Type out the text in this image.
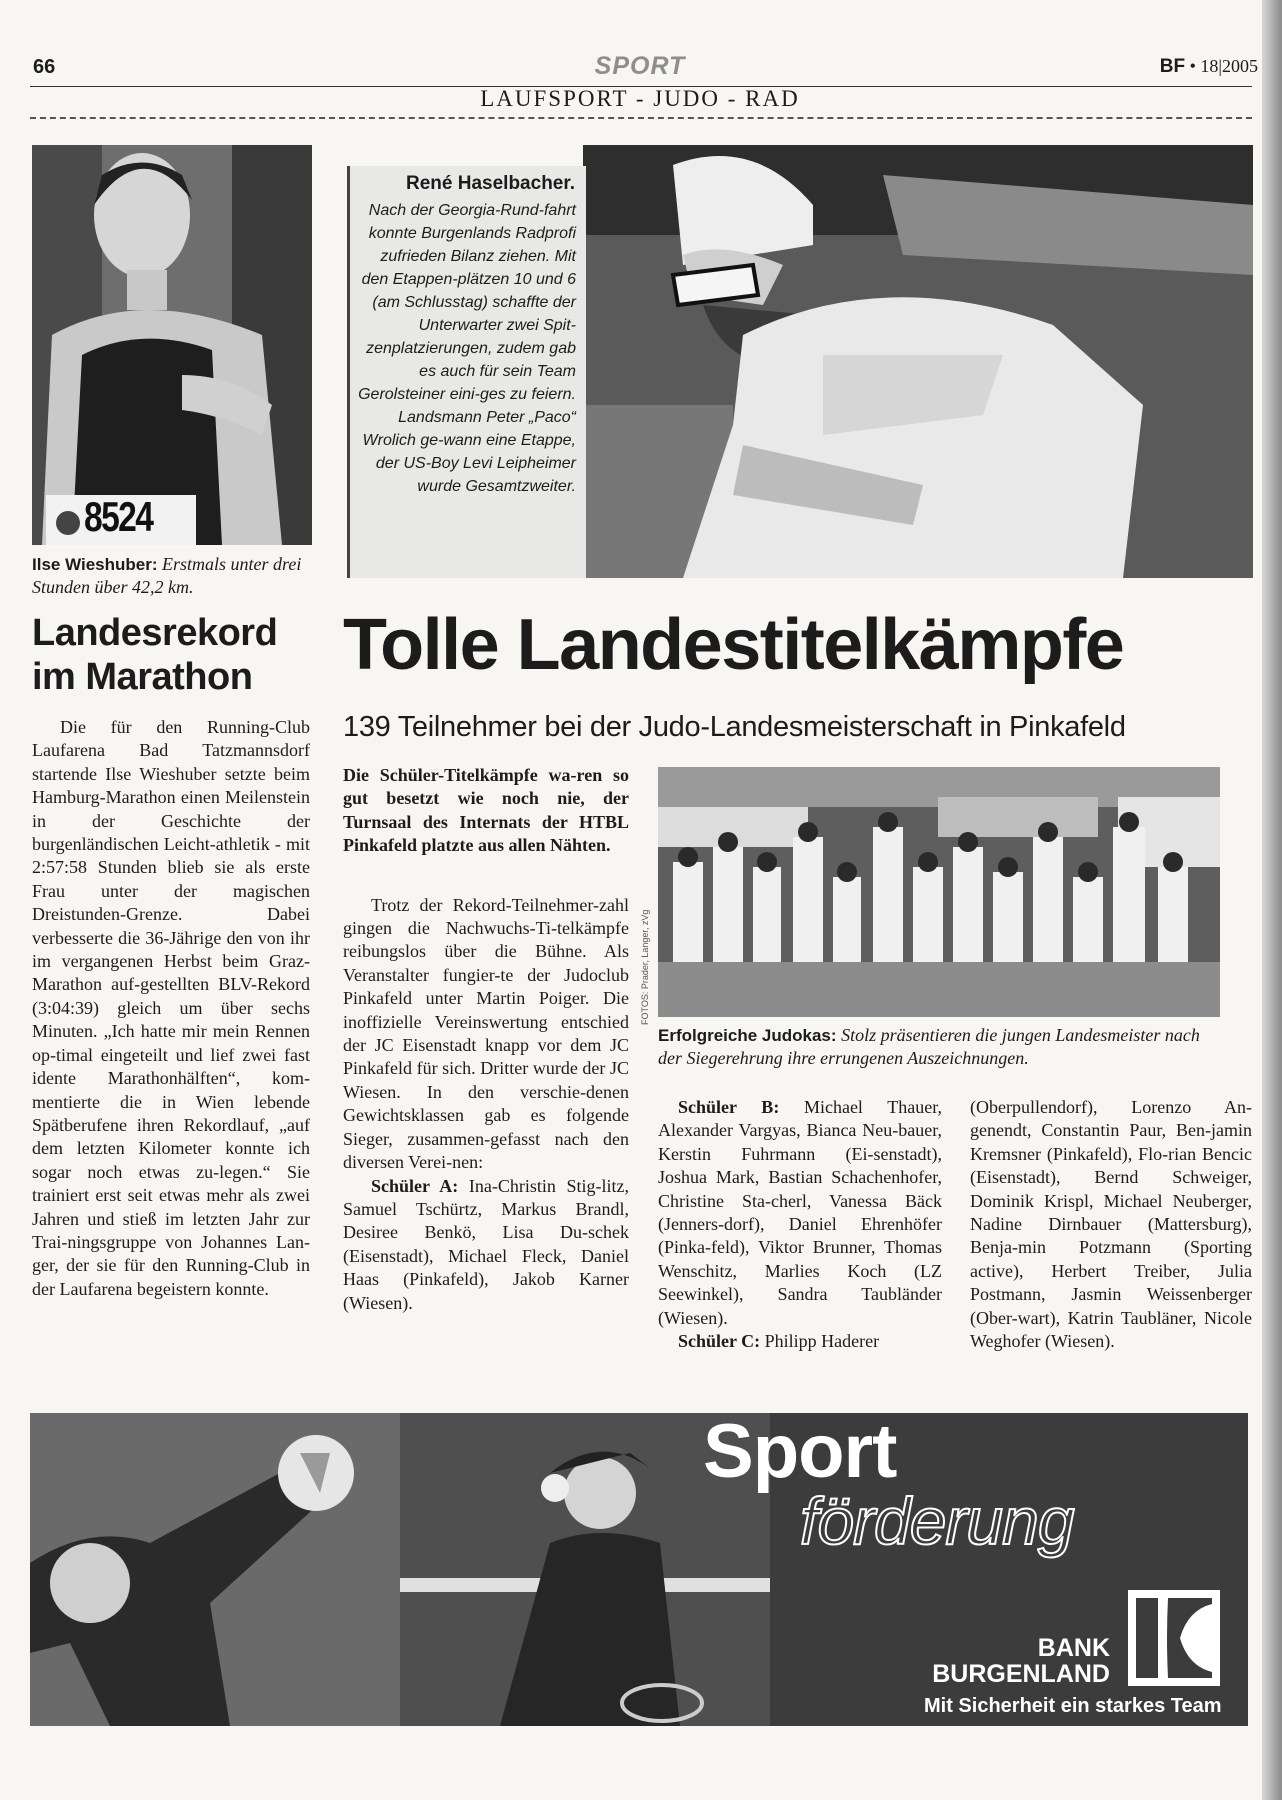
66	SPORT	BF • 18|2005
LAUFSPORT - JUDO - RAD
8524
Ilse Wieshuber: Erstmals unter drei Stunden über 42,2 km.
René Haselbacher.
Nach der Georgia-Rund-fahrt konnte Burgenlands Radprofi zufrieden Bilanz ziehen. Mit den Etappen-plätzen 10 und 6 (am Schlusstag) schaffte der Unterwarter zwei Spit-zenplatzierungen, zudem gab es auch für sein Team Gerolsteiner eini-ges zu feiern. Landsmann Peter „Paco“ Wrolich ge-wann eine Etappe, der US-Boy Levi Leipheimer wurde Gesamtzweiter.
Landesrekord im Marathon	Tolle Landestitelkämpfe
139 Teilnehmer bei der Judo-Landesmeisterschaft in Pinkafeld

Die für den Running-Club Laufarena Bad Tatzmannsdorf startende Ilse Wieshuber setzte beim Hamburg-Marathon einen Meilenstein in der Geschichte der burgenländischen Leicht-athletik - mit 2:57:58 Stunden blieb sie als erste Frau unter der magischen Dreistunden-Grenze. Dabei verbesserte die 36-Jährige den von ihr im vergangenen Herbst beim Graz-Marathon auf-gestellten BLV-Rekord (3:04:39) gleich um über sechs Minuten. „Ich hatte mir mein Rennen op-timal eingeteilt und lief zwei fast idente Marathonhälften“, kom-mentierte die in Wien lebende Spätberufene ihren Rekordlauf, „auf dem letzten Kilometer konnte ich sogar noch etwas zu-legen.“ Sie trainiert erst seit etwas mehr als zwei Jahren und stieß im letzten Jahr zur Trai-ningsgruppe von Johannes Lan-ger, der sie für den Running-Club in der Laufarena begeistern konnte.

Die Schüler-Titelkämpfe wa-ren so gut besetzt wie noch nie, der Turnsaal des Internats der HTBL Pinkafeld platzte aus allen Nähten.

Trotz der Rekord-Teilnehmer-zahl gingen die Nachwuchs-Ti-telkämpfe reibungslos über die Bühne. Als Veranstalter fungier-te der Judoclub Pinkafeld unter Martin Poiger. Die inoffizielle Vereinswertung entschied der JC Eisenstadt knapp vor dem JC Pinkafeld für sich. Dritter wurde der JC Wiesen. In den verschie-denen Gewichtsklassen gab es folgende Sieger, zusammen-gefasst nach den diversen Verei-nen:

Schüler A: Ina-Christin Stig-litz, Samuel Tschürtz, Markus Brandl, Desiree Benkö, Lisa Du-schek (Eisenstadt), Michael Fleck, Daniel Haas (Pinkafeld), Jakob Karner (Wiesen).

FOTOS: Prader, Langer, zVg
Erfolgreiche Judokas: Stolz präsentieren die jungen Landesmeister nach der Siegerehrung ihre errungenen Auszeichnungen.

Schüler B: Michael Thauer, Alexander Vargyas, Bianca Neu-bauer, Kerstin Fuhrmann (Ei-senstadt), Joshua Mark, Bastian Schachenhofer, Christine Sta-cherl, Vanessa Bäck (Jenners-dorf), Daniel Ehrenhöfer (Pinka-feld), Viktor Brunner, Thomas Wenschitz, Marlies Koch (LZ Seewinkel), Sandra Taubländer (Wiesen).

Schüler C: Philipp Haderer

(Oberpullendorf), Lorenzo An-genendt, Constantin Paur, Ben-jamin Kremsner (Pinkafeld), Flo-rian Bencic (Eisenstadt), Bernd Schweiger, Dominik Krispl, Michael Neuberger, Nadine Dirnbauer (Mattersburg), Benja-min Potzmann (Sporting active), Herbert Treiber, Julia Postmann, Jasmin Weissenberger (Ober-wart), Katrin Taubläner, Nicole Weghofer (Wiesen).

Sport
förderung
BANK
BURGENLAND
Mit Sicherheit ein starkes Team
